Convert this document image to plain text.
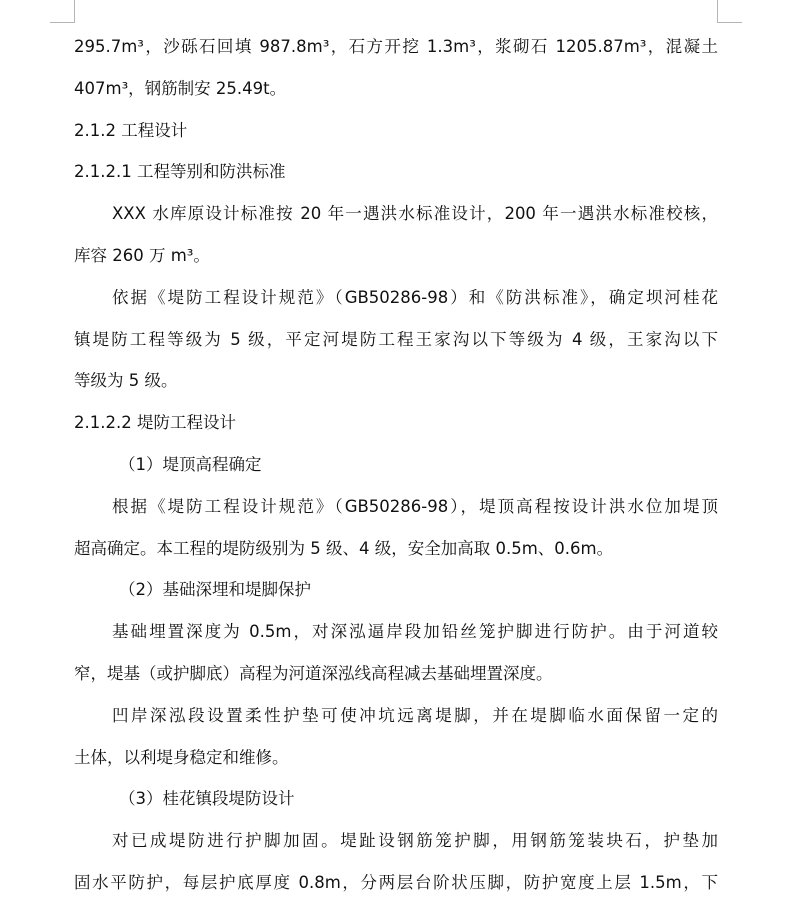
295.7m³，沙砾石回填 987.8m³，石方开挖 1.3m³，浆砌石 1205.87m³，混凝土
407m³，钢筋制安 25.49t。
2.1.2 工程设计
2.1.2.1 工程等别和防洪标准
XXX 水库原设计标准按 20 年一遇洪水标准设计，200 年一遇洪水标准校核，
库容 260 万 m³。
依据《堤防工程设计规范》（GB50286-98）和《防洪标准》，确定坝河桂花
镇堤防工程等级为 5 级，平定河堤防工程王家沟以下等级为 4 级，王家沟以下
等级为 5 级。
2.1.2.2 堤防工程设计
（1）堤顶高程确定
根据《堤防工程设计规范》（GB50286-98），堤顶高程按设计洪水位加堤顶
超高确定。本工程的堤防级别为 5 级、4 级，安全加高取 0.5m、0.6m。
（2）基础深埋和堤脚保护
基础埋置深度为 0.5m，对深泓逼岸段加铅丝笼护脚进行防护。由于河道较
窄，堤基（或护脚底）高程为河道深泓线高程减去基础埋置深度。
凹岸深泓段设置柔性护垫可使冲坑远离堤脚，并在堤脚临水面保留一定的
土体，以利堤身稳定和维修。
（3）桂花镇段堤防设计
对已成堤防进行护脚加固。堤趾设钢筋笼护脚，用钢筋笼装块石，护垫加
固水平防护，每层护底厚度 0.8m，分两层台阶状压脚，防护宽度上层 1.5m，下
